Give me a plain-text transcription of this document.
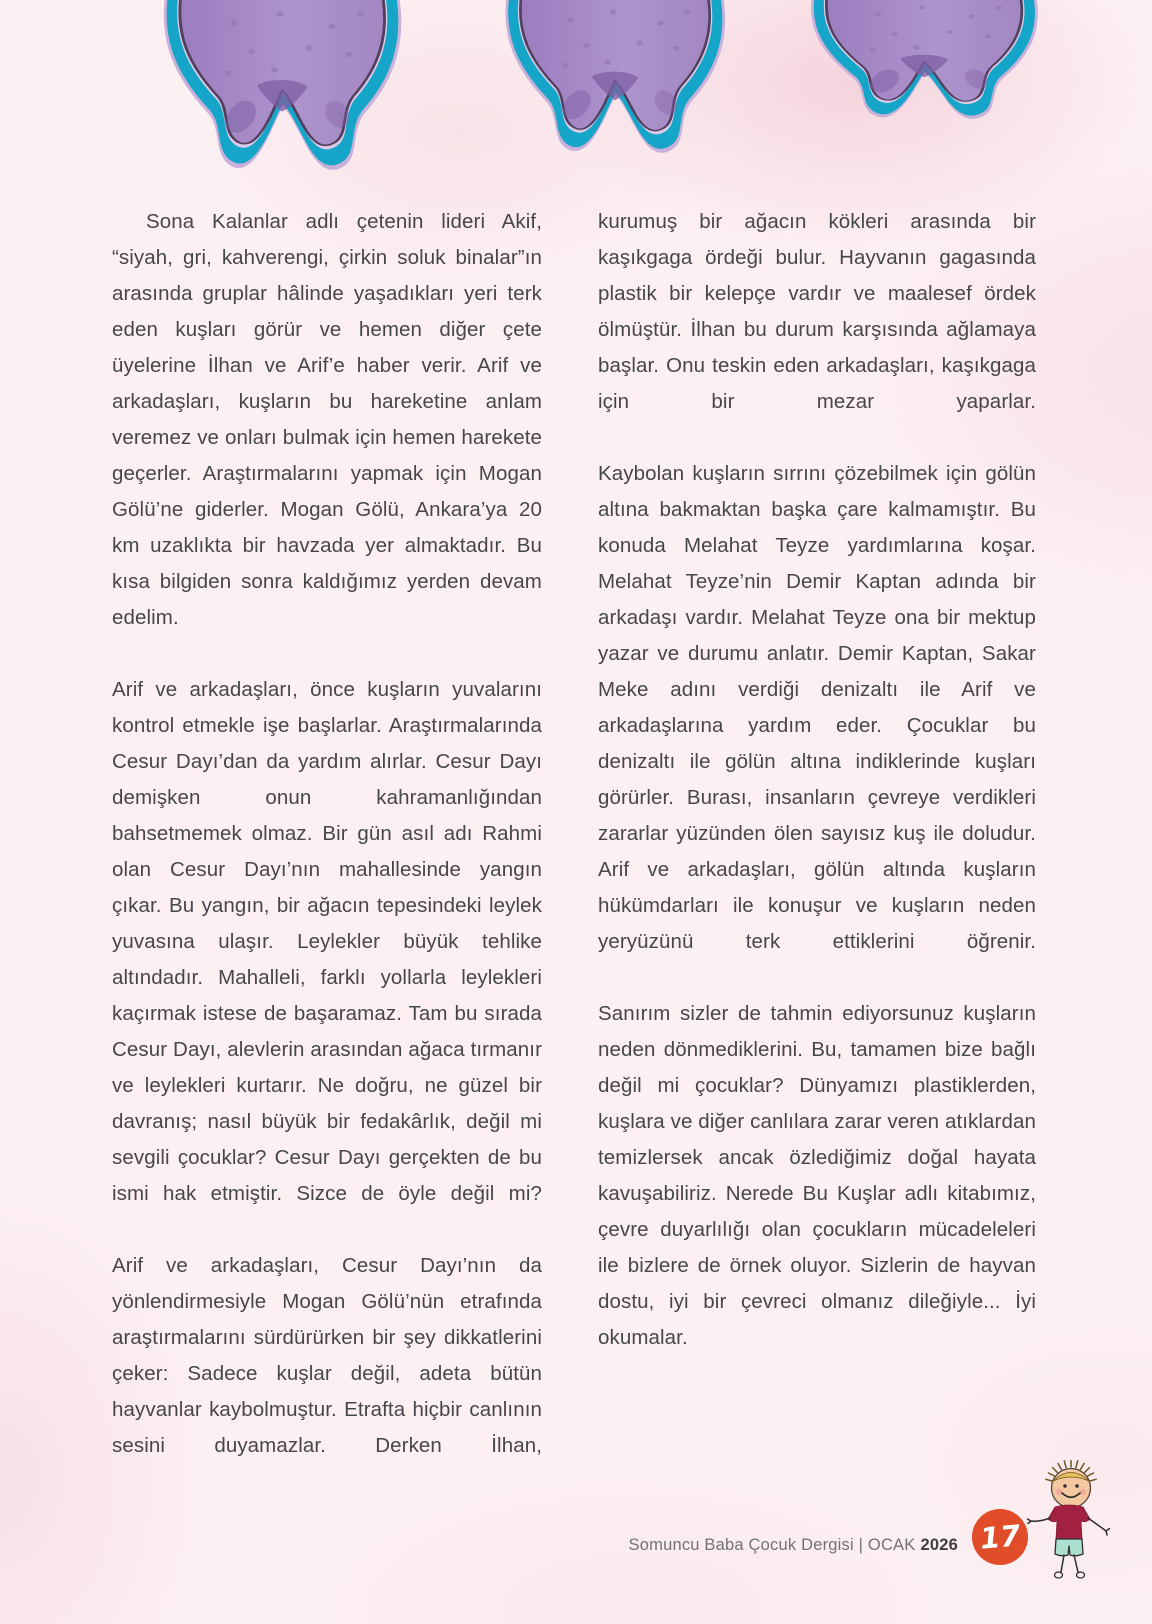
Sona Kalanlar adlı çetenin lideri Akif, “siyah, gri, kahverengi, çirkin soluk binalar”ın arasında gruplar hâlinde yaşadıkları yeri terk eden kuşları görür ve hemen diğer çete üyelerine İlhan ve Arif’e haber verir. Arif ve arkadaşları, kuşların bu hareketine anlam veremez ve onları bulmak için hemen harekete geçerler. Araştırmalarını yapmak için Mogan Gölü’ne giderler. Mogan Gölü, Ankara’ya 20 km uzaklıkta bir havzada yer almaktadır. Bu kısa bilgiden sonra kaldığımız yerden devam edelim.

Arif ve arkadaşları, önce kuşların yuvalarını kontrol etmekle işe başlarlar. Araştırmalarında Cesur Dayı’dan da yardım alırlar. Cesur Dayı demişken onun kahramanlığından bahsetmemek olmaz. Bir gün asıl adı Rahmi olan Cesur Dayı’nın mahallesinde yangın çıkar. Bu yangın, bir ağacın tepesindeki leylek yuvasına ulaşır. Leylekler büyük tehlike altındadır. Mahalleli, farklı yollarla leylekleri kaçırmak istese de başaramaz. Tam bu sırada Cesur Dayı, alevlerin arasından ağaca tırmanır ve leylekleri kurtarır. Ne doğru, ne güzel bir davranış; nasıl büyük bir fedakârlık, değil mi sevgili çocuklar? Cesur Dayı gerçekten de bu ismi hak etmiştir. Sizce de öyle değil mi?

Arif ve arkadaşları, Cesur Dayı’nın da yönlendirmesiyle Mogan Gölü’nün etrafında araştırmalarını sürdürürken bir şey dikkatlerini çeker: Sadece kuşlar değil, adeta bütün hayvanlar kaybolmuştur. Etrafta hiçbir canlının sesini duyamazlar. Derken İlhan,

kurumuş bir ağacın kökleri arasında bir kaşıkgaga ördeği bulur. Hayvanın gagasında plastik bir kelepçe vardır ve maalesef ördek ölmüştür. İlhan bu durum karşısında ağlamaya başlar. Onu teskin eden arkadaşları, kaşıkgaga için bir mezar yaparlar.

Kaybolan kuşların sırrını çözebilmek için gölün altına bakmaktan başka çare kalmamıştır. Bu konuda Melahat Teyze yardımlarına koşar. Melahat Teyze’nin Demir Kaptan adında bir arkadaşı vardır. Melahat Teyze ona bir mektup yazar ve durumu anlatır. Demir Kaptan, Sakar Meke adını verdiği denizaltı ile Arif ve arkadaşlarına yardım eder. Çocuklar bu denizaltı ile gölün altına indiklerinde kuşları görürler. Burası, insanların çevreye verdikleri zararlar yüzünden ölen sayısız kuş ile doludur. Arif ve arkadaşları, gölün altında kuşların hükümdarları ile konuşur ve kuşların neden yeryüzünü terk ettiklerini öğrenir.

Sanırım sizler de tahmin ediyorsunuz kuşların neden dönmediklerini. Bu, tamamen bize bağlı değil mi çocuklar? Dünyamızı plastiklerden, kuşlara ve diğer canlılara zarar veren atıklardan temizlersek ancak özlediğimiz doğal hayata kavuşabiliriz. Nerede Bu Kuşlar adlı kitabımız, çevre duyarlılığı olan çocukların mücadeleleri ile bizlere de örnek oluyor. Sizlerin de hayvan dostu, iyi bir çevreci olmanız dileğiyle... İyi okumalar.

Somuncu Baba Çocuk Dergisi | OCAK 2026 17
